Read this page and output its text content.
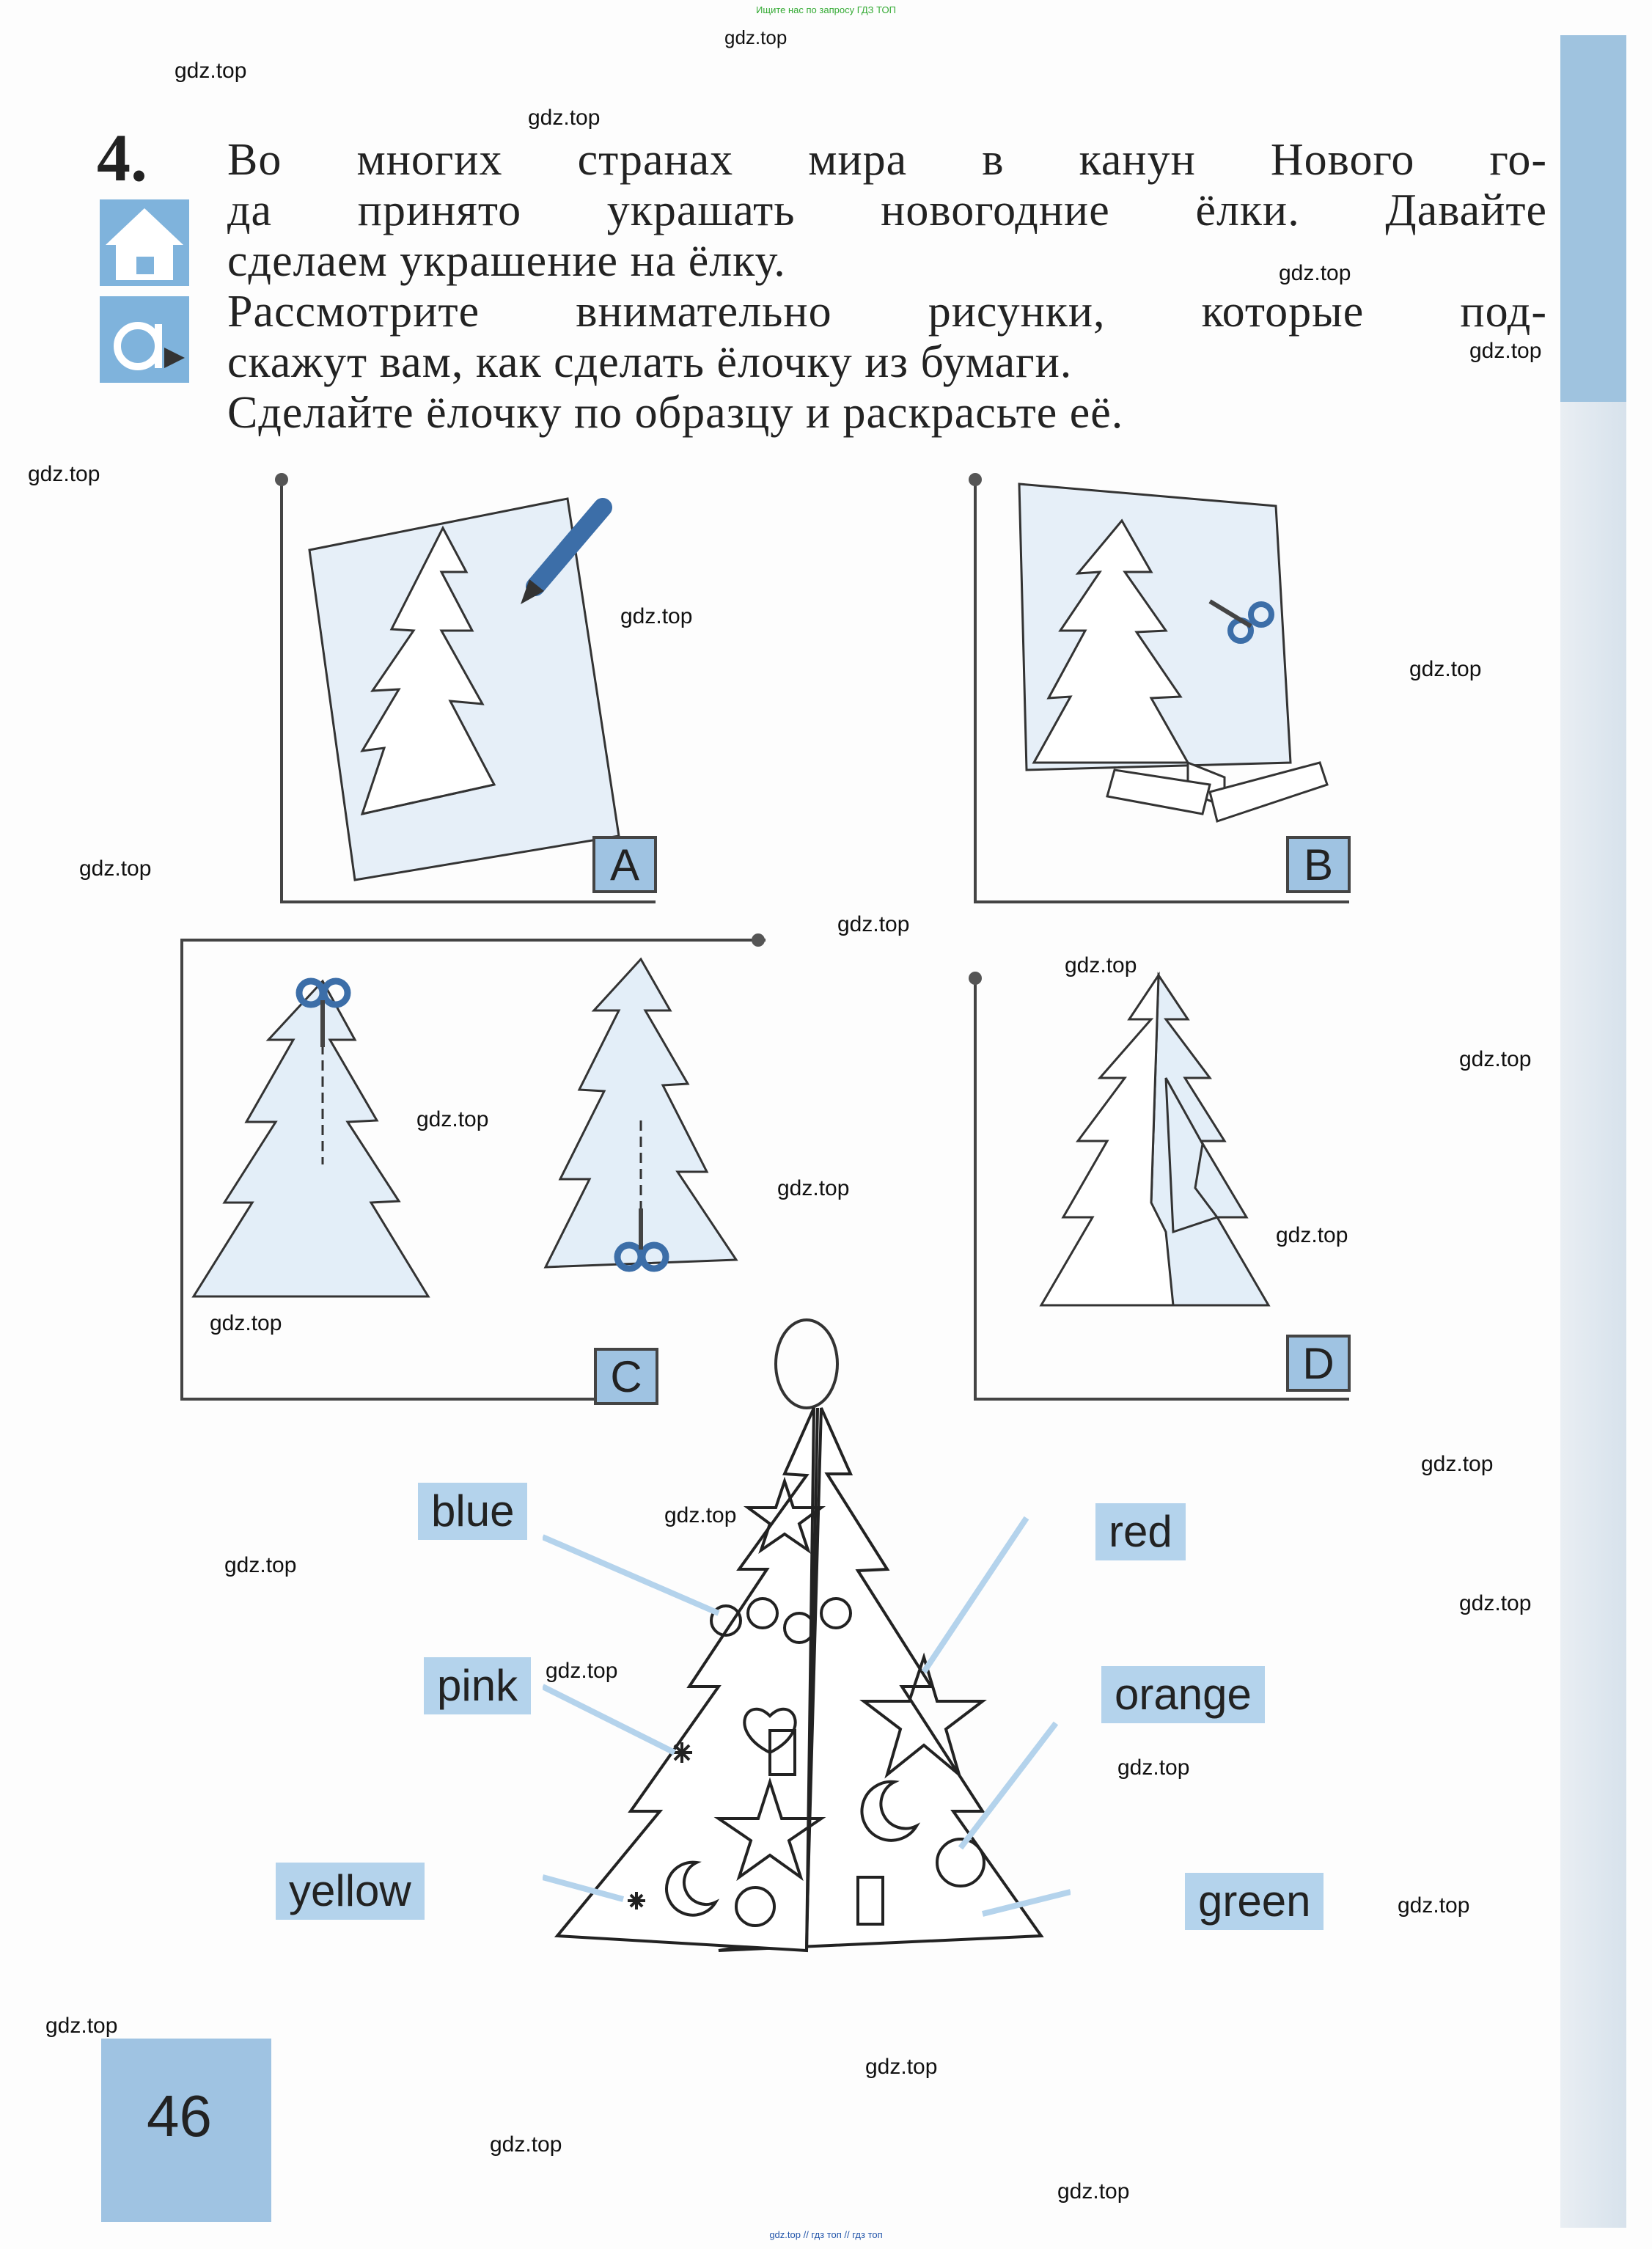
Ищите нас по запросу ГДЗ ТОП
gdz.top
gdz.top
gdz.top
gdz.top
gdz.top
gdz.top
gdz.top
gdz.top
gdz.top
gdz.top
gdz.top
gdz.top
gdz.top
gdz.top
gdz.top
gdz.top
gdz.top
gdz.top
gdz.top
gdz.top
gdz.top
gdz.top
gdz.top
gdz.top
gdz.top
gdz.top
gdz.top
4. Во многих странах мира в канун Нового го-
да принято украшать новогодние ёлки. Давайте
сделаем украшение на ёлку.
Рассмотрите внимательно рисунки, которые под-
скажут вам, как сделать ёлочку из бумаги.
Сделайте ёлочку по образцу и раскрасьте её.
A	B
C	D
blue	red
pink	orange
yellow	green
46
gdz.top // гдз топ // гдз топ
